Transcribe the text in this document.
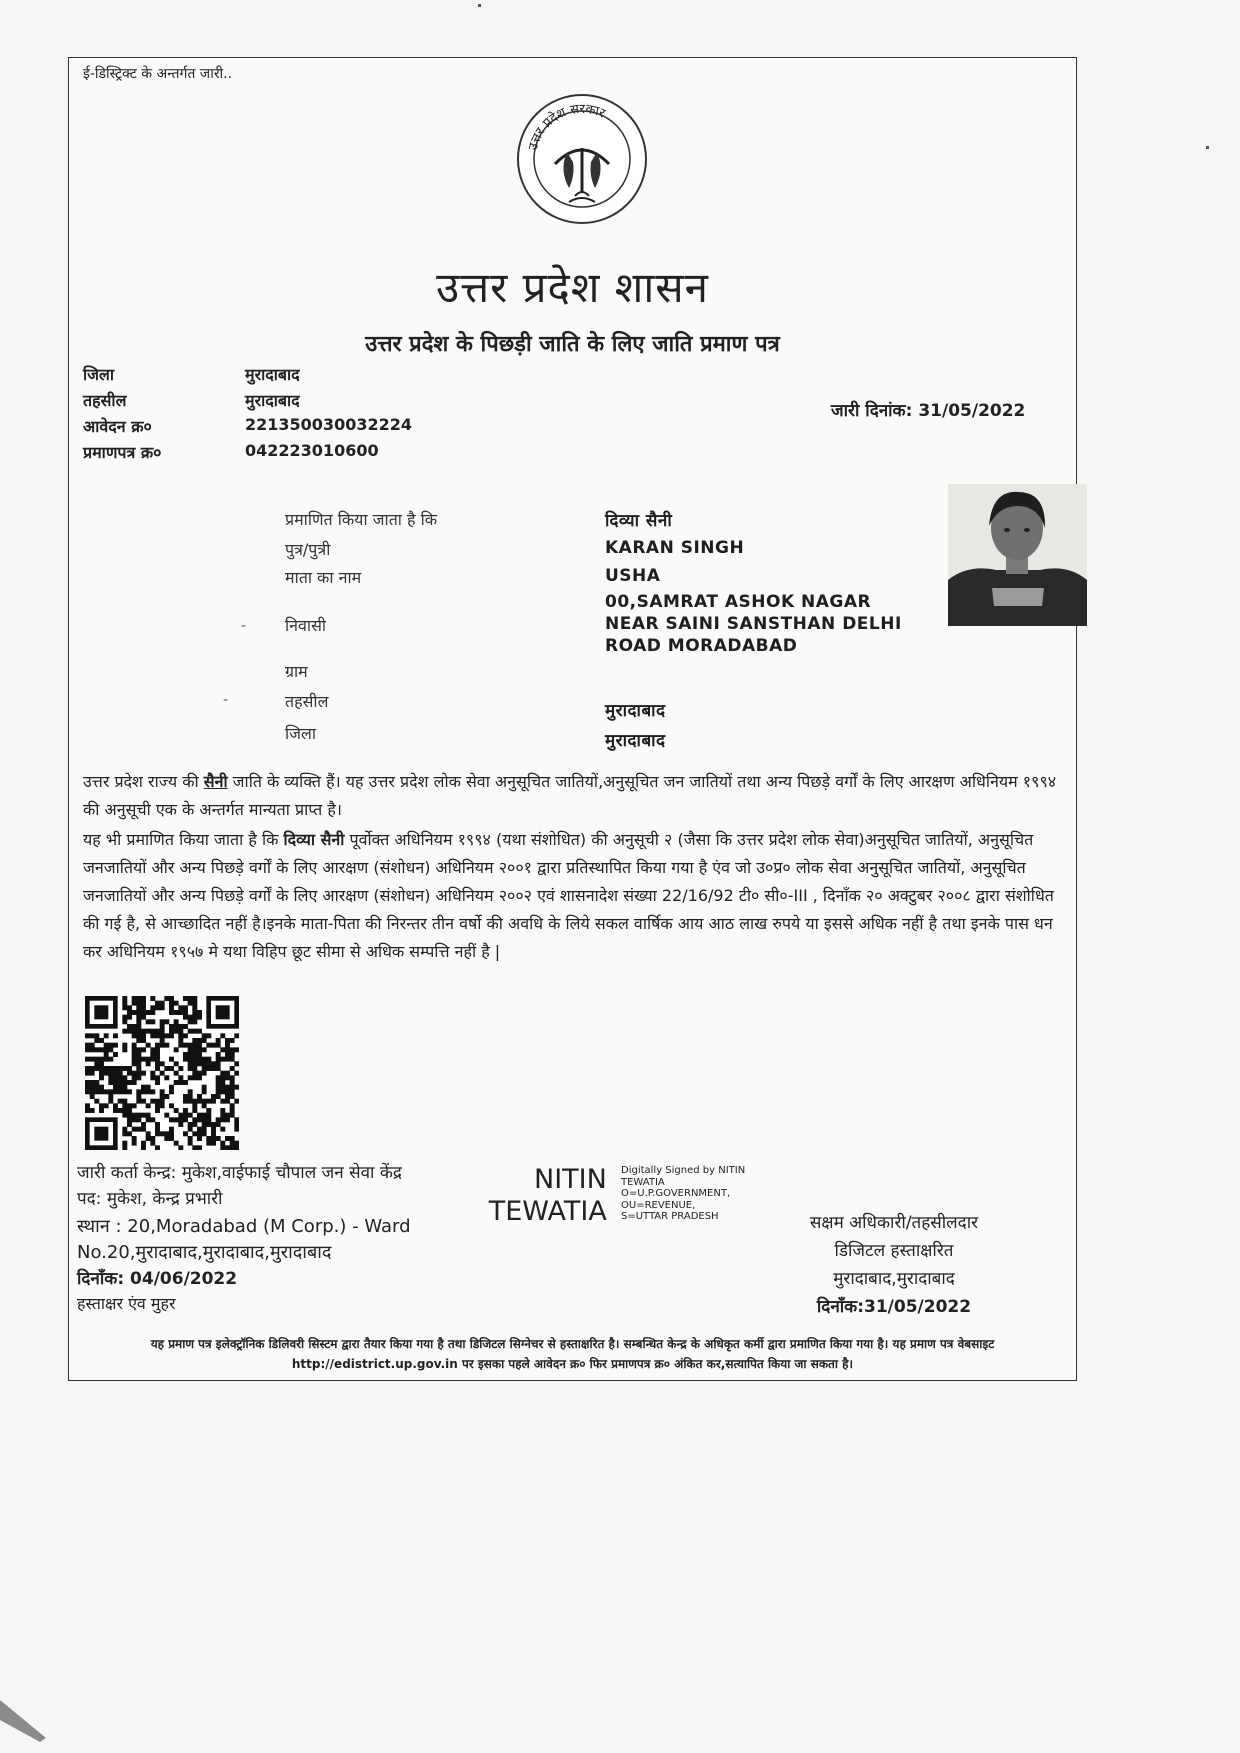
ई-डिस्ट्रिक्ट के अन्तर्गत जारी..
उत्तर प्रदेश सरकार
उत्तर प्रदेश शासन
उत्तर प्रदेश के पिछड़ी जाति के लिए जाति प्रमाण पत्र
जिला	मुरादाबाद
तहसील	मुरादाबाद
आवेदन क्र०	221350030032224
प्रमाणपत्र क्र०	042223010600
जारी दिनांक: 31/05/2022
प्रमाणित किया जाता है कि	दिव्या सैनी
पुत्र/पुत्री	KARAN SINGH
माता का नाम	USHA
- निवासी
00,SAMRAT ASHOK NAGAR
NEAR SAINI SANSTHAN DELHI
ROAD MORADABAD
ग्राम
-	तहसील	मुरादाबाद
जिला	मुरादाबाद
उत्तर प्रदेश राज्य की सैनी जाति के व्यक्ति हैं। यह उत्तर प्रदेश लोक सेवा अनुसूचित जातियों,अनुसूचित जन जातियों तथा अन्य पिछड़े वर्गों के लिए आरक्षण अधिनियम १९९४ की अनुसूची एक के अन्तर्गत मान्यता प्राप्त है।
यह भी प्रमाणित किया जाता है कि दिव्या सैनी पूर्वोक्त अधिनियम १९९४ (यथा संशोधित) की अनुसूची २ (जैसा कि उत्तर प्रदेश लोक सेवा)अनुसूचित जातियों, अनुसूचित जनजातियों और अन्य पिछड़े वर्गों के लिए आरक्षण (संशोधन) अधिनियम २००१ द्वारा प्रतिस्थापित किया गया है एंव जो उ०प्र० लोक सेवा अनुसूचित जातियों, अनुसूचित जनजातियों और अन्य पिछड़े वर्गों के लिए आरक्षण (संशोधन) अधिनियम २००२ एवं शासनादेश संख्या 22/16/92 टी० सी०-III , दिनाँक २० अक्टुबर २००८ द्वारा संशोधित की गई है, से आच्छादित नहीं है।इनके माता-पिता की निरन्तर तीन वर्षो की अवधि के लिये सकल वार्षिक आय आठ लाख रुपये या इससे अधिक नहीं है तथा इनके पास धन कर अधिनियम १९५७ मे यथा विहिप छूट सीमा से अधिक सम्पत्ति नहीं है |
जारी कर्ता केन्द्र: मुकेश,वाईफाई चौपाल जन सेवा केंद्र
पद: मुकेश, केन्द्र प्रभारी
स्थान : 20,Moradabad (M Corp.) - Ward
No.20,मुरादाबाद,मुरादाबाद,मुरादाबाद
दिनाँक: 04/06/2022
हस्ताक्षर एंव मुहर
NITIN
TEWATIA
Digitally Signed by NITIN
TEWATIA
O=U.P.GOVERNMENT,
OU=REVENUE,
S=UTTAR PRADESH	सक्षम अधिकारी/तहसीलदार
डिजिटल हस्ताक्षरित
मुरादाबाद,मुरादाबाद
दिनाँक:31/05/2022
यह प्रमाण पत्र इलेक्ट्रॉनिक डिलिवरी सिस्टम द्वारा तैयार किया गया है तथा डिजिटल सिग्नेचर से हस्ताक्षरित है। सम्बन्धित केन्द्र के अधिकृत कर्मी द्वारा प्रमाणित किया गया है। यह प्रमाण पत्र वेबसाइट http://edistrict.up.gov.in पर इसका पहले आवेदन क्र० फिर प्रमाणपत्र क्र० अंकित कर,सत्यापित किया जा सकता है।
